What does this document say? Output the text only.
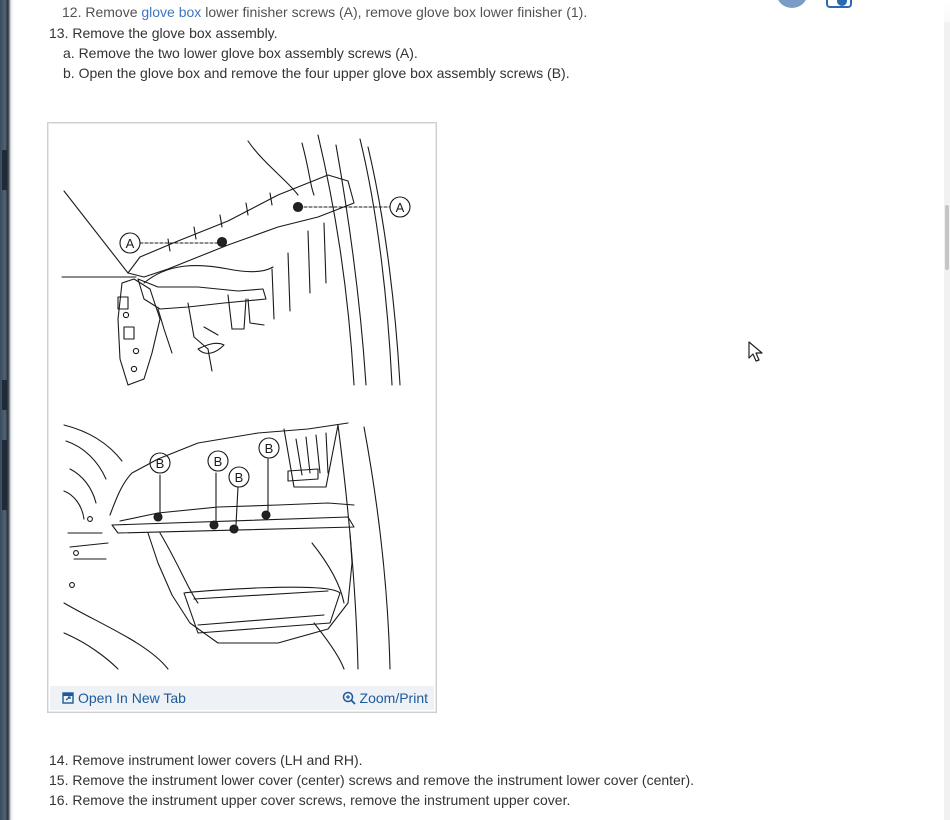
12. Remove glove box lower finisher screws (A), remove glove box lower finisher (1).
13. Remove the glove box assembly.
a. Remove the two lower glove box assembly screws (A).
b. Open the glove box and remove the four upper glove box assembly screws (B).
A
A
B	B
B
B
Open In New Tab	Zoom/Print
14. Remove instrument lower covers (LH and RH).
15. Remove the instrument lower cover (center) screws and remove the instrument lower cover (center).
16. Remove the instrument upper cover screws, remove the instrument upper cover.
